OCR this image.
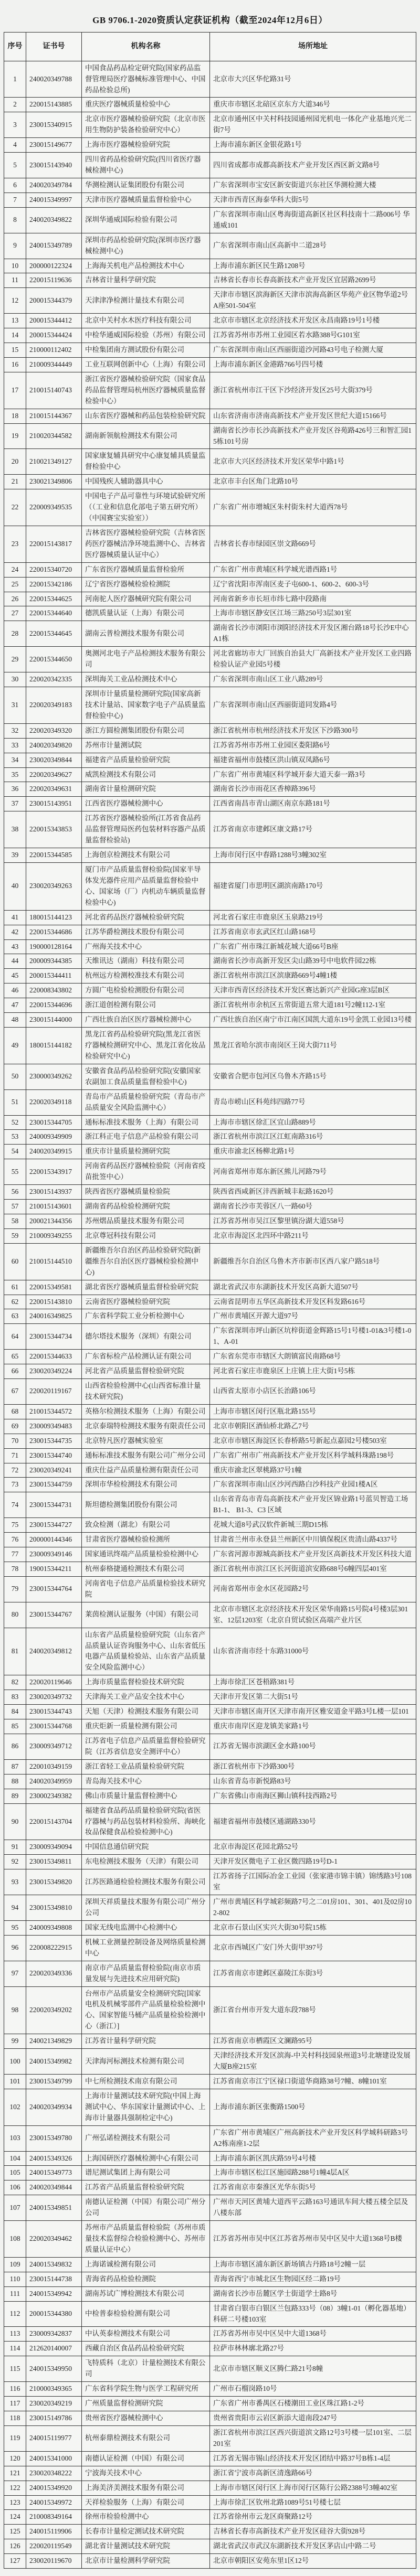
GB 9706.1-2020资质认定获证机构（截至2024年12月6日）
序号	证书号	机构名称	场所地址
1	240020349788	中国食品药品检定研究院(国家药品监督管理局医疗器械标准管理中心、中国药品检验总所)	北京市大兴区华佗路31号
2	220015143885	重庆医疗器械质量检验中心	重庆市市辖区北碚区京东方大道346号
3	230015340915	北京市医疗器械检验研究院（北京市医用生物防护装备检验研究中心）	北京市通州区中关村科技园通州园光机电一体化产业基地兴光二街7号
4	230015149677	上海市医疗器械检验研究院	上海市浦东新区金银花路1号
5	230015143940	四川省药品检验研究院(四川省医疗器械检测中心)	四川省成都市成都高新技术产业开发区西区新文路8号
6	240020349784	华测检测认证集团股份有限公司	广东省深圳市宝安区新安街道兴东社区华测检测大楼
7	240015349997	天津市医疗器械质量监督检验中心	天津市西青区海泰华科大街5号
8	240020349822	深圳华通威国际检验有限公司	广东省深圳市南山区粤海街道高新区社区科技南十二路006号 华通威101
9	240015349789	深圳市药品检验研究院(深圳市医疗器械检测中心)	广东省深圳市南山区高新中二道28号
10	200000122324	上海海关机电产品检测技术中心	上海市浦东新区民生路1208号
11	220015119636	吉林省计量科学研究院	吉林省长春市长春高新技术产业开发区宜居路2699号
12	200015344379	天津津净检测计量技术有限公司	天津市市辖区滨海新区天津市滨海高新区华苑产业区物华道2号A座501-504室
13	200015344412	北京中关村水木医疗科技有限公司	北京市市辖区北京经济技术开发区永昌南路19号1号楼
14	200015344424	中检华通威国际检验（苏州）有限公司	江苏省苏州市苏州工业园区若水路388号G101室
15	210000112402	中检集团南方测试股份有限公司	广东省深圳市南山区西丽街道沙河路43号电子检测大厦
16	210009344449	工业互联网创新中心（上海）有限公司	上海市浦东新区金港路766号四号楼
17	210015140743	浙江省医疗器械检验研究院（国家食品药品监督管理局杭州医疗器械质量监督检验中心）	浙江省杭州市江干区下沙经济开发区25号大街379号
18	210015144367	山东省医疗器械和药品包装检验研究院	山东省济南市济南高新技术产业开发区世纪大道15166号
19	210020344582	湖南新领航检测技术有限公司	湖南省长沙市长沙高新技术产业开发区谷苑路426号三和智汇园15栋101号房
20	210021349127	国家康复辅具研究中心康复辅具质量监督检验中心	北京市大兴区经济技术开发区荣华中路1号
21	230021349806	中国残疾人辅助器具中心	北京市丰台区角门北路10号
22	220009349535	中国电子产品可靠性与环境试验研究所（（工业和信息化部电子第五研究所）（中国赛宝实验室））	广东省广州市增城区朱村街朱村大道西78号
23	220015143817	吉林省医疗器械检验研究院（吉林省医药医疗器械洁净环境监测中心、吉林省医疗器械质量认证中心）	吉林省长春市绿园区崇文路669号
24	220015340720	广东省医疗器械质量监督检验所	广东省广州市黄埔区科学城光谱西路1号
25	220015342186	辽宁省医疗器械检验检测院	辽宁省沈阳市浑南区麦子屯600-1、600-2、600-3号
26	220015344625	河南驼人医疗器械研究院有限公司	河南省新乡市长垣市纬七路中段路南
27	220015344640	德凯质量认证（上海）有限公司	上海市市辖区静安区江场三路250号3层301室
28	220015344645	湖南云普检测技术服务有限公司	湖南省长沙市浏阳市浏阳经济技术开发区湘台路18号长沙E中心A1栋
29	220015344650	奥测河北电子产品检测技术服务有限公司	河北省廊坊市大厂回族自治县大厂高新技术产业开发区工业四路检验认证产业园5号楼
30	220020342335	深圳海关工业品检测技术中心	广东省深圳市南山区工业八路289号
31	220020349183	深圳市计量质量检测研究院(国家高新技术计量站、国家数字电子产品质量监督检验中心)	广东省深圳市南山区西丽街道同发路4号
32	220020349320	浙江方圆检测集团股份有限公司	浙江省杭州市杭州经济技术开发区下沙路300号
33	240020349820	苏州市计量测试院	江苏省苏州市苏州工业园区娄阳路6号
34	230020349844	福建省产品质量检验研究院	福建省福州市鼓楼区洪山镇双凤路6号
35	220020349627	威凯检测技术有限公司	广东省广州市黄埔区科学城开泰大道天泰一路3号
36	220020349631	湖南省计量检测研究院	湖南省长沙市雨花区香樟路396号
37	230015143951	江西省医疗器械检测中心	江西省南昌市青山湖区南京东路181号
38	220015343853	江苏省医疗器械检验所(江苏省食品药品监督管理局医药包装材料容器产品质量监督检验站)	江苏省南京市建邺区康文路17号
39	220015344585	上海创京检测技术有限公司	上海市闵行区中春路1288号3幢302室
40	230020349263	厦门市产品质量监督检验院(国家半导体发光器件应用产品质量监督检验中心、国家场（厂）内机动车辆质量监督检验中心)	福建省厦门市思明区湖滨南路170号
41	180015144123	河北省药品医疗器械检验研究院	河北省石家庄市鹿泉区玉泉路219号
42	220015344686	江苏华爵检测技术股份有限公司	江苏省南京市玄武区红山路168号
43	190000128164	广州海关技术中心	广东省广州市珠江新城花城大道66号B座
44	200009344385	天维讯达（湖南）科技有限公司	湖南省长沙市高新开发区尖山路39号中电软件园22栋
45	200015344411	杭州远方检测校准技术有限公司	浙江省杭州市滨江区滨康路669号4幢1楼
46	220008343802	方圆广电检验检测股份有限公司	天津市西青区经济技术开发区赛达新兴产业园G座3层B区
47	220015344696	浙江道创检测有限公司	浙江省杭州市余杭区五常街道五常大道181号2幢112-1室
48	230015144000	广西壮族自治区医疗器械检测中心	广西壮族自治区南宁市江南区国凯大道东19号金凯工业园13号楼
49	180015144182	黑龙江省药品检验研究院(黑龙江省医疗器械检测研究中心、黑龙江省化妆品检验研究中心)	黑龙江省哈尔滨市南岗区王岗大街711号
50	230000349262	安徽省食品药品检验研究院(安徽国家农副加工食品质量监督检验中心)	安徽省合肥市包河区乌鲁木齐路15号
51	220020349118	青岛市产品质量检验研究院（青岛市产品质量安全风险监测中心）	青岛市崂山区科苑纬四路77号
52	230015344705	通标标准技术服务（上海）有限公司	上海市市辖区徐汇区宜山路889号
53	240009349909	浙江科正电子信息产品检验有限公司	浙江省杭州市滨江区江虹南路316号
54	240020349915	重庆市计量质量检测研究院	重庆市渝北区杨柳北路1号
55	220015343917	河南省药品医疗器械检验院（河南省疫苗批签中心）	河南省郑州市郑东新区熊儿河路79号
56	230015143937	陕西省医疗器械质量检验院	陕西省西咸新区沣西新城丰耘路1620号
57	210015143601	湖南省药品检验检测研究院	湖南省长沙市芙蓉区八一路60号
58	200021344356	苏州熠品质量技术服务有限公司	江苏省苏州市吴江区黎里镇汾湖大道558号
59	210009349255	北京尊冠科技有限公司	北京市海淀区北四环中路211号
60	210015144510	新疆维吾尔自治区药品检验研究院(新疆维吾尔自治区医疗器械检验检测中心)	新疆维吾尔自治区乌鲁木齐市新市区西八家户路518号
61	220015349581	湖北省医疗器械质量监督检验研究院	湖北省武汉市东湖新技术开发区高新大道507号
62	220015143810	云南省医疗器械检验研究院	云南省昆明市五华区高新技术开发区科发路616号
63	240016349825	广东省科学院工业分析检测中心	广州市黄埔区开源大道97号
64	230015344734	德尔塔技术服务（深圳）有限公司	广东省深圳市坪山新区坑梓街道金辉路15号1号楼1-01&3号楼1-01、A-01
65	220015344633	广东省标检产品检测认证有限公司	广东省东莞市市辖区大朗镇富民南路68号
66	230020349224	河北省产品质量监督检验研究院	河北省石家庄市鹿泉区上庄镇上庄大街1号5栋
67	220020119167	山西省检验检测中心(山西省标准计量技术研究院)	山西省太原市小店区长治路106号
68	210015344572	英格尔检测技术服务（上海）有限公司	上海市市辖区闵行区瓶北路155号
69	230009349483	北京泰瑞特检测技术服务有限责任公司	北京市朝阳区酒仙桥北路乙7号
70	230015344735	北京特凡医疗器械实验室	北京市市辖区海淀区长春桥路5号新起点嘉园2号楼503室
71	230015344740	通标标准技术服务有限公司广州分公司	广东省广州市广州高新技术产业开发区科学城科珠路198号
72	230020349241	重庆仕益产品质量检测有限责任公司	重庆市渝北区翠桃路37号1幢
73	230015344759	深圳市华检检测技术有限公司	广东省深圳市南山区沙河西路白沙科技产业园1楼A区
74	230015344731	斯坦德检测集团股份有限公司	山东省青岛市青岛高新技术产业开发区锦业路1号蓝贝智造工场B1-1、 B1-3、C3 区域
75	230015344727	致众检测（湖北）有限公司	花城大道8号武汉软件新城三期D15栋
76	200000144346	甘肃省医疗器械检验检测所	甘肃省兰州市永登县兰州新区中川镇保税区贵清山路4337号
77	230009349146	国家通讯终端产品质量检验检测中心	广东省河源市源城高新技术产业开发区高新技术开发区科技大道
78	190015344211	杭州泰格捷通检测技术有限公司	浙江省杭州市滨江区长河街道滨安路688号6幢四层401室
79	230015344764	河南省电子信息产品质量检验技术研究院	河南省郑州市金水区花园路2号
80	230015344767	莱茵检测认证服务（中国）有限公司	北京市市辖区北京经济技术开发区荣华南路15号院4号楼3层301室、12层1203室（北京自贸试验区高端产业片区
81	240020349812	山东省产品质量检验研究院（山东省产品质量认证咨询服务中心、山东省低压电器产品质量检验站、山东省产品质量安全风险监测中心）	山东省济南市经十东路31000号
82	220020119646	上海市质量监督检验技术研究院	上海市徐汇区苍梧路381号
83	230020349732	天津海关工业产品安全技术中心	天津市开发区第二大街51号
84	230015344743	天旭（天津）检测技术服务有限公司	天津市市辖区南开区天津市南开区雅安道金平路3号L楼一层101
85	230015344768	重庆炬新一质量检测有限公司	重庆市南岸区迎龙镇美家路1号
86	230009349712	江苏省电子信息产品质量监督检验研究院（江苏省信息安全测评中心）	江苏省无锡市滨湖区金水路100号
87	220010349159	浙江省轻工业品质量检验研究院	浙江省杭州市下沙路300号
88	240020349959	青岛海关技术中心	山东省青岛市新悦路83号
89	230002349382	佛山市质量计量监督检测中心	广东省佛山市南海区狮山镇科技西路2号
90	220015143704	福建省食品药品质量检验研究院(省医疗器械与药品包装材料检验所、海峡化妆品保健食品检验检测中心)	福建省福州市鼓楼区通湖路330号
91	230009349094	中国信息通信研究院	北京市海淀区花园北路52号
92	230015349811	东电检测技术服务（天津）有限公司	天津开发区微电子工业区微四路19号D-1
93	230015349820	江苏医路通检验检测技术服务有限公司	江苏省扬子江国际冶金工业园（张家港市锦丰镇）锦绣路3号108室
94	230015349810	深圳天祥质量技术服务有限公司广州分公司	广州市黄埔区科学城彩频路7号之二01房101、301、401及02房102-802
95	240009349808	国家无线电监测中心检测中心	北京市石景山区实兴大街30号院15栋
96	220008222915	机械工业测量控制设备及网络质量检测中心	北京市西城区广安门外大街甲397号
97	220020349336	南京市产品质量监督检验院(南京市质量发展与先进技术应用研究院)	江苏省南京市建邺区嘉陵江东街3号
98	220020349202	台州市产品质量安全检测研究院[国家电机及机械零部件产品质量检验检测中心、国家智能马桶产品质量检验检测中心（浙江）]	浙江省台州市开发大道东段788号
99	240021349829	江苏省计量科学研究院	江苏省南京市栖霞区文澜路95号
100	240015349982	天津海河标测技术检测有限公司	天津经济技术开发区滨海-中关村科技园泉州道3号北塘建设发展大厦B座215室
101	230015349799	中七所检测技术南京有限公司	江苏省南京市江宁区禄口街道华商路38号7幢、8幢101室
102	240020349934	上海市计量测试技术研究院(中国上海测试中心、华东国家计量测试中心、上海市计量器具强制检定中心)	上海市浦东新区张衡路1500号
103	230015349780	广州弘诺检测技术有限公司	广东省广州市黄埔区广州高新技术产业开发区科学城科研路3号A2栋南座1-2层
104	240015349326	上海国研医疗器械检测中心有限公司	上海市浦东新区凯庆路59号4号楼
105	240015349773	谱尼测试集团上海有限公司	上海市市辖区松江区施园路288号1幢4层A区
106	240020349844	江苏省产品质量监督检验研究院	江苏省南京市秦淮区光华东街5号
107	240015349851	南德认证检测（中国）有限公司广州分公司	广州市天河区黄埔大道西平云路163号通讯车间大楼五楼全层及八楼东部
108	220020349462	苏州市产品质量监督检验院（苏州市质量技术监督综合检验检测中心、苏州市质量认证中心）	江苏省苏州市吴中区江苏省苏州市吴中区吴中大道1368号B楼
109	240015349832	上海诺诚检测有限公司	上海市市辖区浦东新区新场镇古丹路18号2幢一层
110	230015144738	青海省药品检验检测院	青海省西宁市城北区生物园区经二路19号
111	240015349942	湖南苏试广博检测技术有限公司	湖南省长沙市岳麓区学士街道学士路8号
112	200015344380	中检普泰检验检测有限公司	甘肃省白银市白银区兰包路333号（08）3幢1-01（孵化器基地）科研二号楼103室
113	230009342837	中认英泰检测技术有限公司	江苏省苏州市吴中区吴中大道1368号
114	212620140007	西藏自治区食品药品检验研究院	拉萨市林林廓北路27号
115	240015349950	飞特质科（北京）计量检测技术有限公司	北京市市辖区顺义区腾仁路21号8幢
116	210000349365	广东省科学院生物与医学工程研究所	广州市石榴岗路10号
117	230020349219	广州质量监督检测研究院	广东省广州市番禺区石楼潮田工业区珠江路1-2号
118	230015149786	贵州省医疗器械检测中心	贵州省贵阳市云岩区新添大道南段247号
119	240015119977	杭州泰鼎检测技术有限公司	浙江省杭州市滨江区西兴街道滨文路12号3号楼一层101室、二层201室
120	240015341000	南德认证检测（中国）有限公司	江苏省无锡市锡山经济技术开发区团结中路37号B栋1-4层
121	230020348222	宁波海关技术中心	浙江省宁波市高新区清逸路66号
122	240015349920	上海美济美测技术服务有限公司	上海市市辖区闵行区上海市闵行区陈行公路2388号3幢402室
123	240015349972	天祥检验服务（上海）有限公司	上海市徐汇区钦州北路1089号51号楼七层
124	210008349164	徐州市检验检测中心	江苏省徐州市云龙区商聚路12号
125	240015119906	长春市计量检定测试技术研究院	吉林省长春市高新技术产业开发区硅谷大街928号
126	220020119549	湖北省计量测试技术研究院	湖北省武汉市武汉东湖新技术开发区茅店山中路二号
127	230020119670	北京市计量检测科学研究院	北京市朝阳区安苑东里1区12号
